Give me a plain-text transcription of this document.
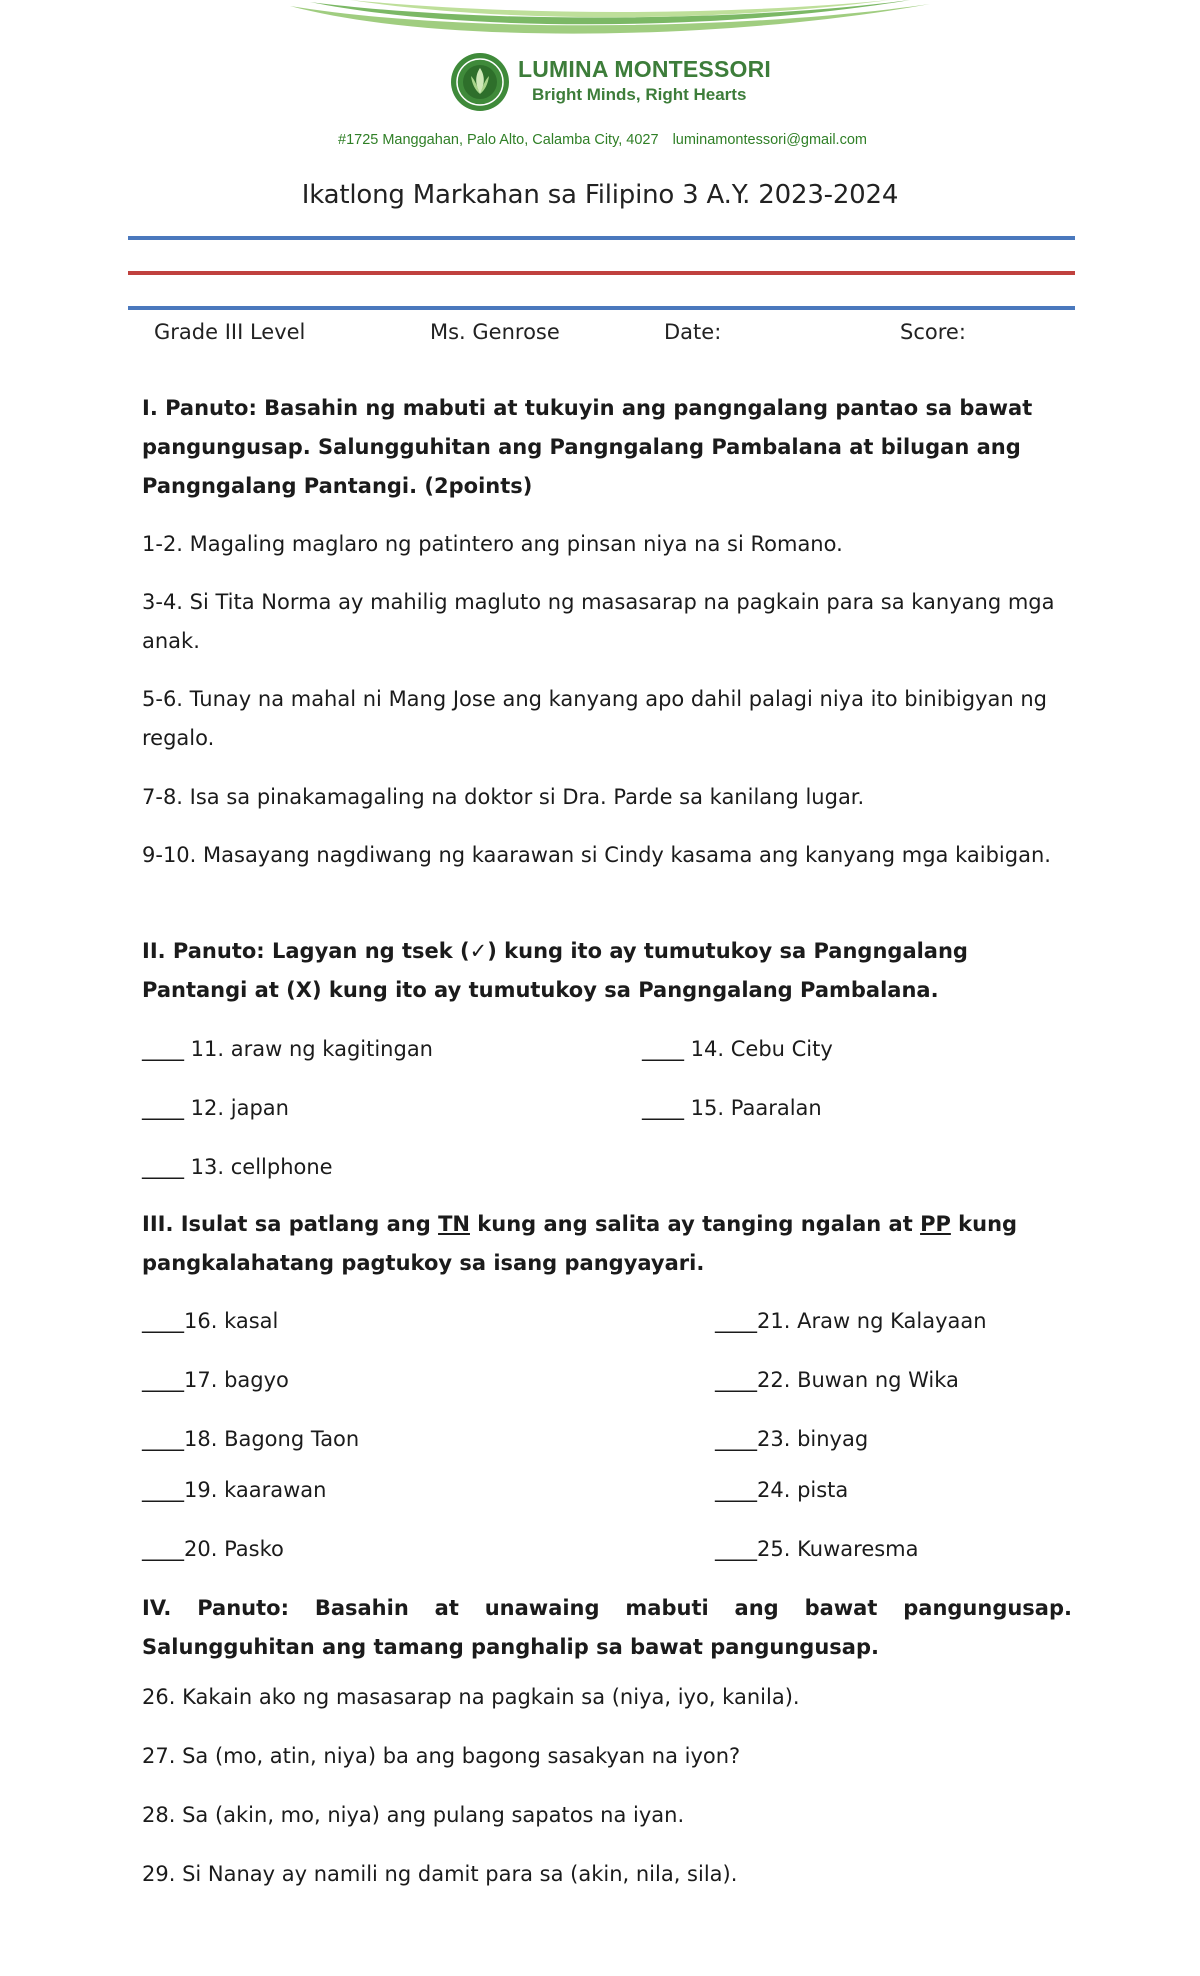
LUMINA MONTESSORI
Bright Minds, Right Hearts
#1725 Manggahan, Palo Alto, Calamba City, 4027 luminamontessori@gmail.com
Ikatlong Markahan sa Filipino 3 A.Y. 2023-2024
Grade III Level	Ms. Genrose	Date:	Score:
I. Panuto: Basahin ng mabuti at tukuyin ang pangngalang pantao sa bawat pangungusap. Salungguhitan ang Pangngalang Pambalana at bilugan ang Pangngalang Pantangi. (2points)
1-2. Magaling maglaro ng patintero ang pinsan niya na si Romano.
3-4. Si Tita Norma ay mahilig magluto ng masasarap na pagkain para sa kanyang mga anak.
5-6. Tunay na mahal ni Mang Jose ang kanyang apo dahil palagi niya ito binibigyan ng regalo.
7-8. Isa sa pinakamagaling na doktor si Dra. Parde sa kanilang lugar.
9-10. Masayang nagdiwang ng kaarawan si Cindy kasama ang kanyang mga kaibigan.
II. Panuto: Lagyan ng tsek (✓) kung ito ay tumutukoy sa Pangngalang Pantangi at (X) kung ito ay tumutukoy sa Pangngalang Pambalana.
____ 11. araw ng kagitingan
____ 12. japan
____ 13. cellphone
____ 14. Cebu City
____ 15. Paaralan
III. Isulat sa patlang ang TN kung ang salita ay tanging ngalan at PP kung pangkalahatang pagtukoy sa isang pangyayari.
____16. kasal
____17. bagyo
____18. Bagong Taon
____19. kaarawan
____20. Pasko
____21. Araw ng Kalayaan
____22. Buwan ng Wika
____23. binyag
____24. pista
____25. Kuwaresma
IV. Panuto: Basahin at unawaing mabuti ang bawat pangungusap. Salungguhitan ang tamang panghalip sa bawat pangungusap.
26. Kakain ako ng masasarap na pagkain sa (niya, iyo, kanila).
27. Sa (mo, atin, niya) ba ang bagong sasakyan na iyon?
28. Sa (akin, mo, niya) ang pulang sapatos na iyan.
29. Si Nanay ay namili ng damit para sa (akin, nila, sila).
